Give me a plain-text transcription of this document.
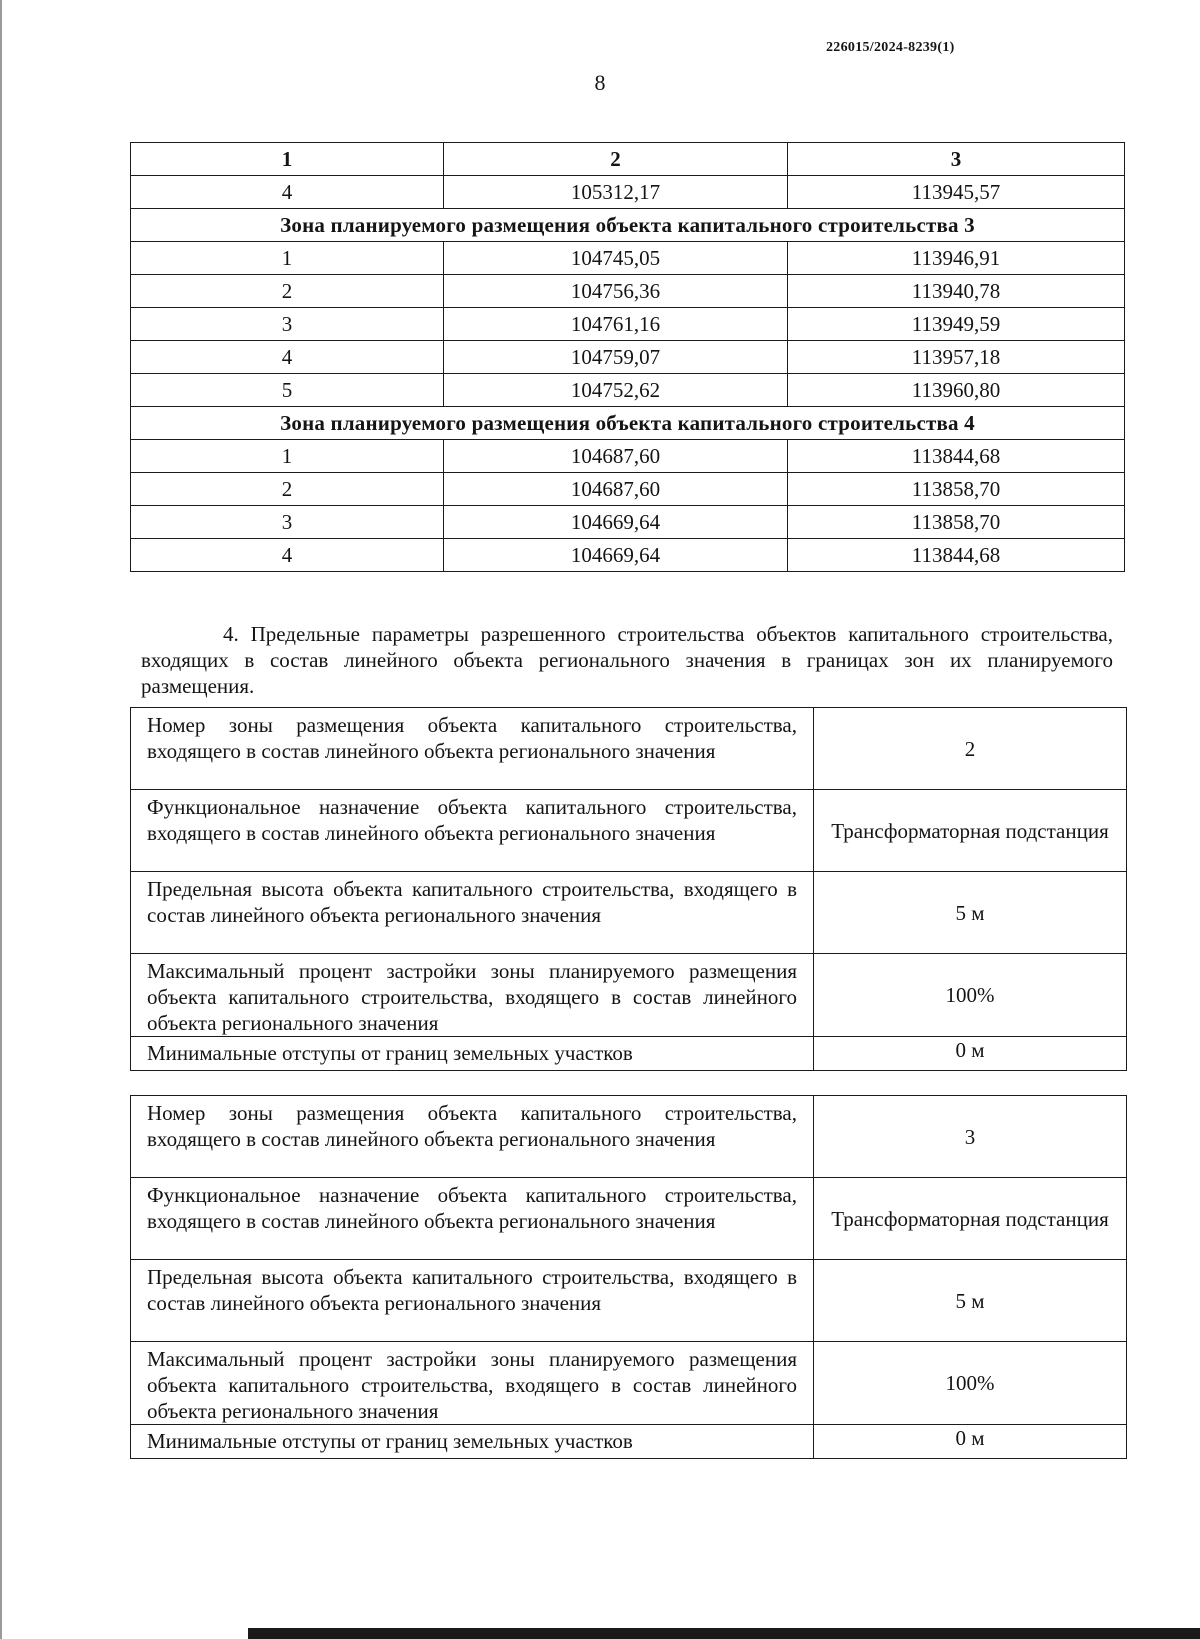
226015/2024-8239(1)
8
1	2	3
4	105312,17	113945,57
Зона планируемого размещения объекта капитального строительства 3		
1	104745,05	113946,91
2	104756,36	113940,78
3	104761,16	113949,59
4	104759,07	113957,18
5	104752,62	113960,80
Зона планируемого размещения объекта капитального строительства 4		
1	104687,60	113844,68
2	104687,60	113858,70
3	104669,64	113858,70
4	104669,64	113844,68

4. Предельные параметры разрешенного строительства объектов капитального строительства, входящих в состав линейного объекта регионального значения в границах зон их планируемого размещения.

Номер зоны размещения объекта капитального строительства, входящего в состав линейного объекта регионального значения	2
Функциональное назначение объекта капитального строительства, входящего в состав линейного объекта регионального значения	Трансформаторная подстанция
Предельная высота объекта капитального строительства, входящего в состав линейного объекта регионального значения	5 м
Максимальный процент застройки зоны планируемого размещения объекта капитального строительства, входящего в состав линейного объекта регионального значения	100%
Минимальные отступы от границ земельных участков	0 м
Номер зоны размещения объекта капитального строительства, входящего в состав линейного объекта регионального значения	3
Функциональное назначение объекта капитального строительства, входящего в состав линейного объекта регионального значения	Трансформаторная подстанция
Предельная высота объекта капитального строительства, входящего в состав линейного объекта регионального значения	5 м
Максимальный процент застройки зоны планируемого размещения объекта капитального строительства, входящего в состав линейного объекта регионального значения	100%
Минимальные отступы от границ земельных участков	0 м
